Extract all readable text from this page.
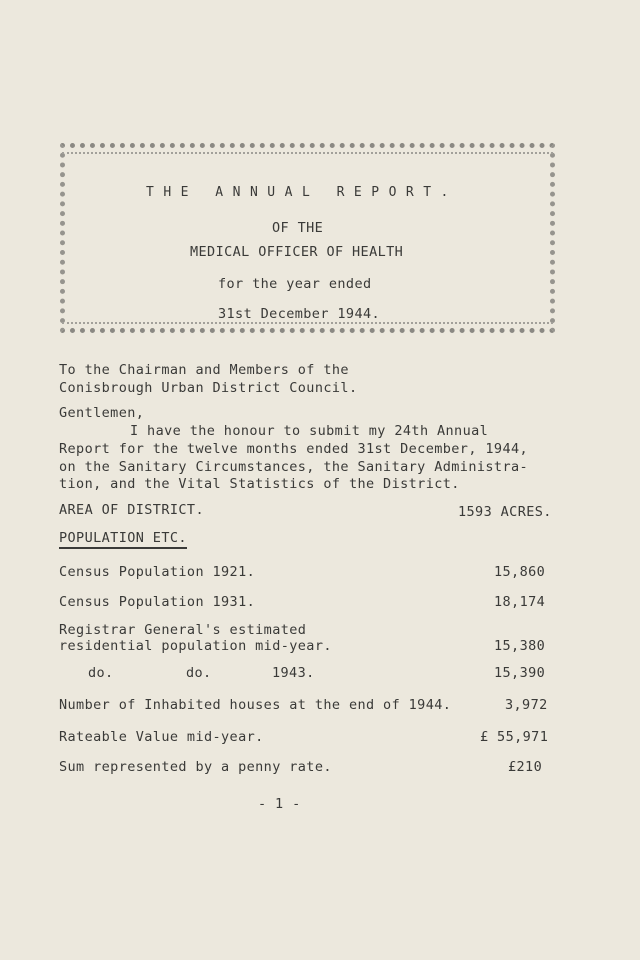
THE ANNUAL REPORT.
OF THE
MEDICAL OFFICER OF HEALTH
for the year ended
31st December 1944.
To the Chairman and Members of the
Conisbrough Urban District Council.
Gentlemen,
I have the honour to submit my 24th Annual
Report for the twelve months ended 31st December, 1944,
on the Sanitary Circumstances, the Sanitary Administra-
tion, and the Vital Statistics of the District.
AREA OF DISTRICT.	1593 ACRES.
POPULATION ETC.
Census Population 1921.	15,860
Census Population 1931.	18,174
Registrar General's estimated
residential population mid-year.	15,380
do.	do.	1943.	15,390
Number of Inhabited houses at the end of 1944.	3,972
Rateable Value mid-year.	£ 55,971
Sum represented by a penny rate.	£210
- 1 -
